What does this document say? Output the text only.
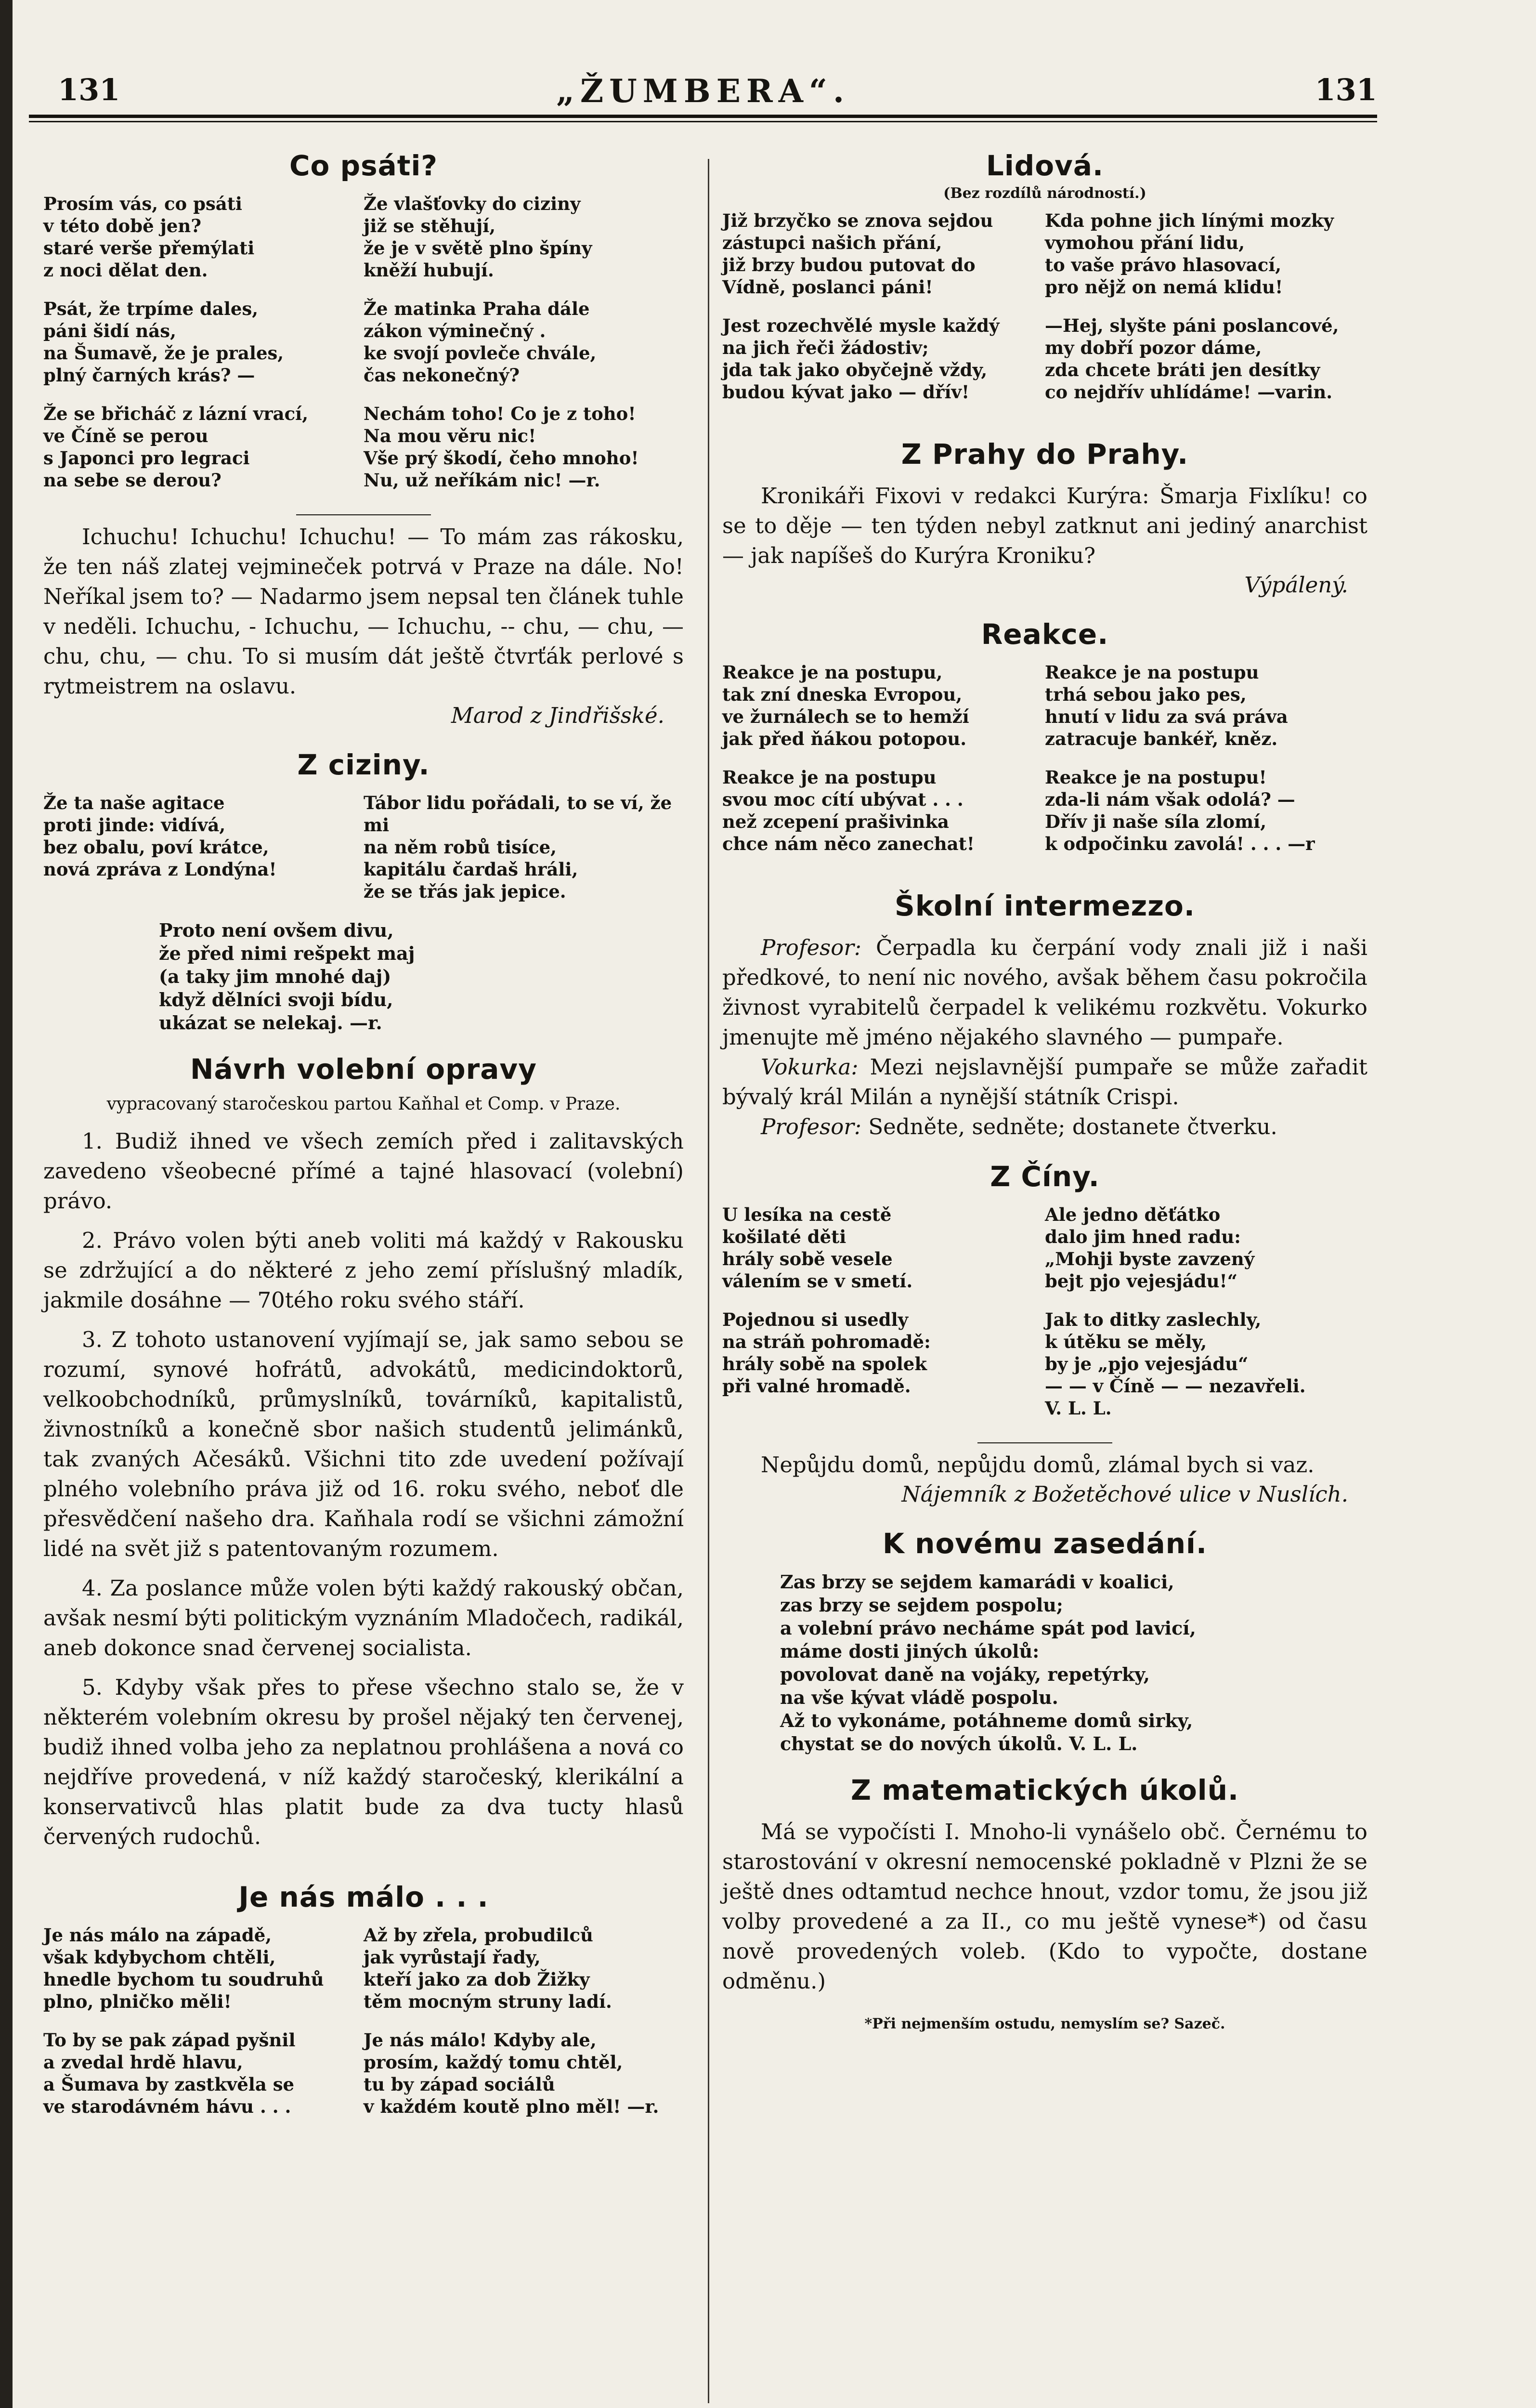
131	„ŽUMBERA“.	131
Co psáti?
Prosím vás, co psáti
v této době jen?
staré verše přemýlati
z noci dělat den.
Psát, že trpíme dales,
páni šidí nás,
na Šumavě, že je prales,
plný čarných krás? —
Že se břicháč z lázní vrací,
ve Číně se perou
s Japonci pro legraci
na sebe se derou?
Že vlašťovky do ciziny
již se stěhují,
že je v světě plno špíny
kněží hubují.
Že matinka Praha dále
zákon výminečný .
ke svojí povleče chvále,
čas nekonečný?
Nechám toho! Co je z toho!
Na mou věru nic!
Vše prý škodí, čeho mnoho!
Nu, už neříkám nic! —r.

Ichuchu! Ichuchu! Ichuchu! — To mám zas rákosku, že ten náš zlatej vejmineček potrvá v Praze na dále. No! Neříkal jsem to? — Nadarmo jsem nepsal ten článek tuhle v neděli. Ichuchu, - Ichuchu, — Ichuchu, -- chu, — chu, — chu, chu, — chu. To si musím dát ještě čtvrťák perlové s rytmeistrem na oslavu.

Marod z Jindřišské.

Z ciziny.
Že ta naše agitace
proti jinde: vidívá,
bez obalu, poví krátce,
nová zpráva z Londýna!
Tábor lidu pořádali, to se ví, že mi
na něm robů tisíce,
kapitálu čardaš hráli,
že se třás jak jepice.
Proto není ovšem divu,
že před nimi rešpekt maj
(a taky jim mnohé daj)
když dělníci svoji bídu,
ukázat se nelekaj. —r.
Návrh volební opravy
vypracovaný staročeskou partou Kaňhal et Comp. v Praze.

1. Budiž ihned ve všech zemích před i zalitavských zavedeno všeobecné přímé a tajné hlasovací (volební) právo.

2. Právo volen býti aneb voliti má každý v Rakousku se zdržující a do některé z jeho zemí příslušný mladík, jakmile dosáhne — 70tého roku svého stáří.

3. Z tohoto ustanovení vyjímají se, jak samo sebou se rozumí, synové hofrátů, advokátů, medicindoktorů, velkoobchodníků, průmyslníků, továrníků, kapitalistů, živnostníků a konečně sbor našich studentů jelimánků, tak zvaných Ačesáků. Všichni tito zde uvedení požívají plného volebního práva již od 16. roku svého, neboť dle přesvědčení našeho dra. Kaňhala rodí se všichni zámožní lidé na svět již s patentovaným rozumem.

4. Za poslance může volen býti každý rakouský občan, avšak nesmí býti politickým vyznáním Mladočech, radikál, aneb dokonce snad červenej socialista.

5. Kdyby však přes to přese všechno stalo se, že v některém volebním okresu by prošel nějaký ten červenej, budiž ihned volba jeho za neplatnou prohlášena a nová co nejdříve provedená, v níž každý staročeský, klerikální a konservativců hlas platit bude za dva tucty hlasů červených rudochů.

Je nás málo . . .
Je nás málo na západě,
však kdybychom chtěli,
hnedle bychom tu soudruhů
plno, plničko měli!
To by se pak západ pyšnil
a zvedal hrdě hlavu,
a Šumava by zastkvěla se
ve starodávném hávu . . .
Až by zřela, probudilců
jak vyrůstají řady,
kteří jako za dob Žižky
těm mocným struny ladí.
Je nás málo! Kdyby ale,
prosím, každý tomu chtěl,
tu by západ sociálů
v každém koutě plno měl! —r.
Lidová.
(Bez rozdílů národností.)
Již brzyčko se znova sejdou
zástupci našich přání,
již brzy budou putovat do
Vídně, poslanci páni!
Jest rozechvělé mysle každý
na jich řeči žádostiv;
jda tak jako obyčejně vždy,
budou kývat jako — dřív!
Kda pohne jich línými mozky
vymohou přání lidu,
to vaše právo hlasovací,
pro nějž on nemá klidu!
—Hej, slyšte páni poslancové,
my dobří pozor dáme,
zda chcete bráti jen desítky
co nejdřív uhlídáme! —varin.
Z Prahy do Prahy.

Kronikáři Fixovi v redakci Kurýra: Šmarja Fixlíku! co se to děje — ten týden nebyl zatknut ani jediný anarchist — jak napíšeš do Kurýra Kroniku?

Výpálený.

Reakce.
Reakce je na postupu,
tak zní dneska Evropou,
ve žurnálech se to hemží
jak před ňákou potopou.
Reakce je na postupu
svou moc cítí ubývat . . .
než zcepení prašivinka
chce nám něco zanechat!
Reakce je na postupu
trhá sebou jako pes,
hnutí v lidu za svá práva
zatracuje bankéř, kněz.
Reakce je na postupu!
zda-li nám však odolá? —
Dřív ji naše síla zlomí,
k odpočinku zavolá! . . . —r
Školní intermezzo.

Profesor: Čerpadla ku čerpání vody znali již i naši předkové, to není nic nového, avšak během času pokročila živnost vyrabitelů čerpadel k velikému rozkvětu. Vokurko jmenujte mě jméno nějakého slavného — pumpaře.

Vokurka: Mezi nejslavnější pumpaře se může zařadit bývalý král Milán a nynější státník Crispi.

Profesor: Sedněte, sedněte; dostanete čtverku.

Z Číny.
U lesíka na cestě
košilaté děti
hrály sobě vesele
válením se v smetí.
Pojednou si usedly
na stráň pohromadě:
hrály sobě na spolek
při valné hromadě.
Ale jedno děťátko
dalo jim hned radu:
„Mohji byste zavzený
bejt pjo vejesjádu!“
Jak to ditky zaslechly,
k útěku se měly,
by je „pjo vejesjádu“
— — v Číně — — nezavřeli.
V. L. L.

Nepůjdu domů, nepůjdu domů, zlámal bych si vaz.

Nájemník z Božetěchové ulice v Nuslích.

K novému zasedání.
Zas brzy se sejdem kamarádi v koalici,
zas brzy se sejdem pospolu;
a volební právo necháme spát pod lavicí,
máme dosti jiných úkolů:
povolovat daně na vojáky, repetýrky,
na vše kývat vládě pospolu.
Až to vykonáme, potáhneme domů sirky,
chystat se do nových úkolů. V. L. L.
Z matematických úkolů.

Má se vypočísti I. Mnoho-li vynášelo obč. Černému to starostování v okresní nemocenské pokladně v Plzni že se ještě dnes odtamtud nechce hnout, vzdor tomu, že jsou již volby provedené a za II., co mu ještě vynese*) od času nově provedených voleb. (Kdo to vypočte, dostane odměnu.)

*Při nejmenším ostudu, nemyslím se? Sazeč.
